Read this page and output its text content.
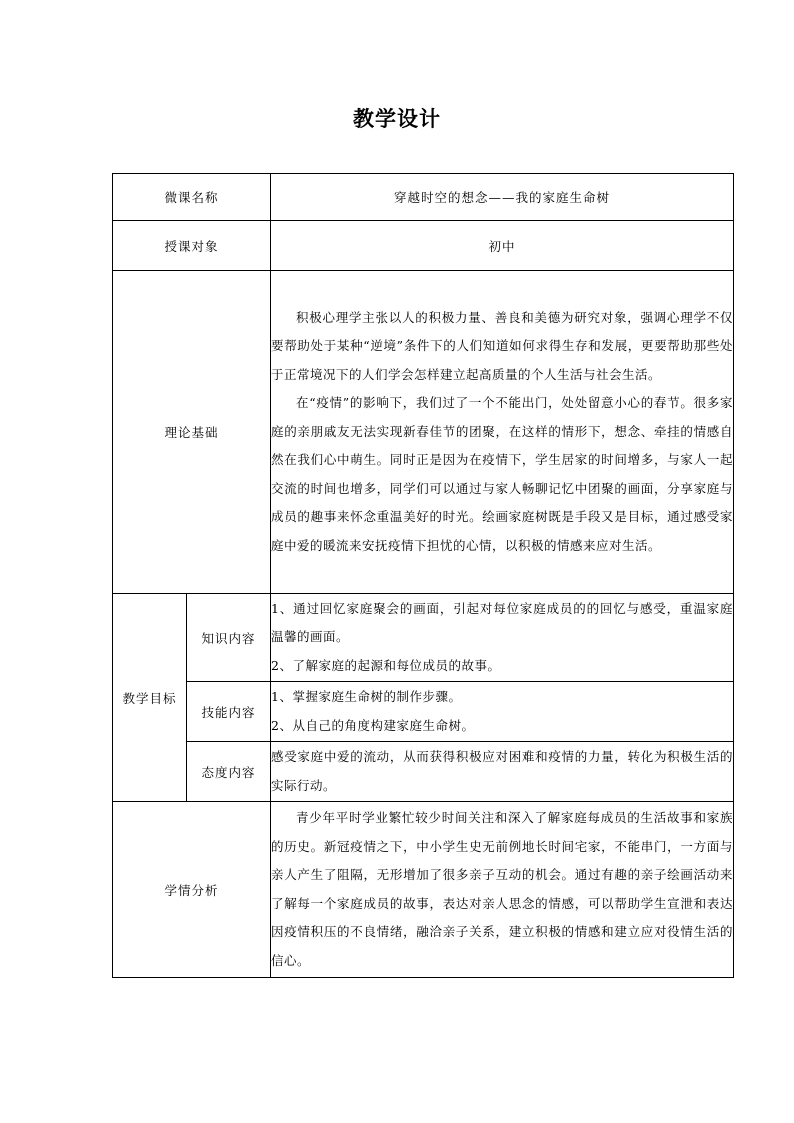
教学设计
微课名称		穿越时空的想念——我的家庭生命树
授课对象		初中
理论基础		积极心理学主张以人的积极力量、善良和美德为研究对象，强调心理学不仅要帮助处于某种“逆境”条件下的人们知道如何求得生存和发展，更要帮助那些处于正常境况下的人们学会怎样建立起高质量的个人生活与社会生活。

在“疫情”的影响下，我们过了一个不能出门，处处留意小心的春节。很多家庭的亲朋戚友无法实现新春佳节的团聚，在这样的情形下，想念、牵挂的情感自然在我们心中萌生。同时正是因为在疫情下，学生居家的时间增多，与家人一起交流的时间也增多，同学们可以通过与家人畅聊记忆中团聚的画面，分享家庭与成员的趣事来怀念重温美好的时光。绘画家庭树既是手段又是目标，通过感受家庭中爱的暖流来安抚疫情下担忧的心情，以积极的情感来应对生活。

教学目标	知识内容	1、通过回忆家庭聚会的画面，引起对每位家庭成员的的回忆与感受，重温家庭温馨的画面。

2、了解家庭的起源和每位成员的故事。

	技能内容	1、掌握家庭生命树的制作步骤。

2、从自己的角度构建家庭生命树。

	态度内容	感受家庭中爱的流动，从而获得积极应对困难和疫情的力量，转化为积极生活的实际行动。
学情分析		青少年平时学业繁忙较少时间关注和深入了解家庭每成员的生活故事和家族的历史。新冠疫情之下，中小学生史无前例地长时间宅家，不能串门，一方面与亲人产生了阻隔，无形增加了很多亲子互动的机会。通过有趣的亲子绘画活动来了解每一个家庭成员的故事，表达对亲人思念的情感，可以帮助学生宣泄和表达因疫情积压的不良情绪，融洽亲子关系，建立积极的情感和建立应对役情生活的信心。
